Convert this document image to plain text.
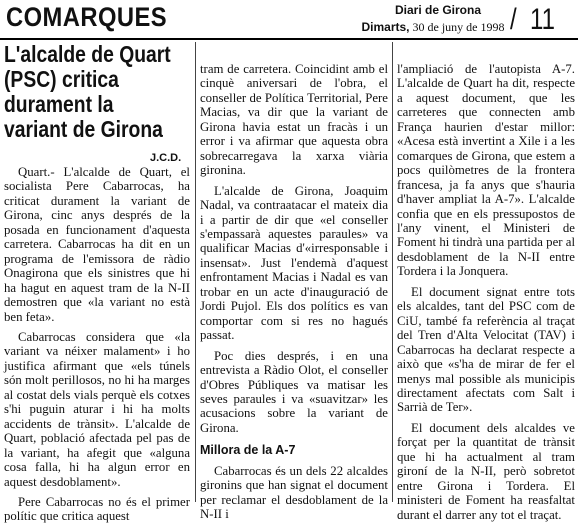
COMARQUES	Diari de Girona
Dimarts, 30 de juny de 1998 / 11
L'alcalde de Quart
(PSC) critica
durament la
variant de Girona
J.C.D.

Quart.- L'alcalde de Quart, el socialista Pere Cabarrocas, ha criticat durament la variant de Girona, cinc anys després de la posada en funcionament d'aquesta carretera. Cabarrocas ha dit en un programa de l'emissora de ràdio Onagirona que els sinistres que hi ha hagut en aquest tram de la N-II demostren que «la variant no està ben feta».

Cabarrocas considera que «la variant va néixer malament» i ho justifica afirmant que «els túnels són molt perillosos, no hi ha marges al costat dels vials perquè els cotxes s'hi puguin aturar i hi ha molts accidents de trànsit». L'alcalde de Quart, població afectada pel pas de la variant, ha afegit que «alguna cosa falla, hi ha algun error en aquest desdoblament».

Pere Cabarrocas no és el primer polític que critica aquest

tram de carretera. Coincidint amb el cinquè aniversari de l'obra, el conseller de Política Territorial, Pere Macias, va dir que la variant de Girona havia estat un fracàs i un error i va afirmar que aquesta obra sobrecarregava la xarxa viària gironina.

L'alcalde de Girona, Joaquim Nadal, va contraatacar el mateix dia i a partir de dir que «el conseller s'empassarà aquestes paraules» va qualificar Macias d'«irresponsable i insensat». Just l'endemà d'aquest enfrontament Macias i Nadal es van trobar en un acte d'inauguració de Jordi Pujol. Els dos polítics es van comportar com si res no hagués passat.

Poc dies després, i en una entrevista a Ràdio Olot, el conseller d'Obres Públiques va matisar les seves paraules i va «suavitzar» les acusacions sobre la variant de Girona.

Millora de la A-7

Cabarrocas és un dels 22 alcaldes gironins que han signat el document per reclamar el desdoblament de la N-II i

l'ampliació de l'autopista A-7. L'alcalde de Quart ha dit, respecte a aquest document, que les carreteres que connecten amb França haurien d'estar millor: «Acesa està invertint a Xile i a les comarques de Girona, que estem a pocs quilòmetres de la frontera francesa, ja fa anys que s'hauria d'haver ampliat la A-7». L'alcalde confia que en els pressupostos de l'any vinent, el Ministeri de Foment hi tindrà una partida per al desdoblament de la N-II entre Tordera i la Jonquera.

El document signat entre tots els alcaldes, tant del PSC com de CiU, també fa referència al traçat del Tren d'Alta Velocitat (TAV) i Cabarrocas ha declarat respecte a això que «s'ha de mirar de fer el menys mal possible als municipis directament afectats com Salt i Sarrià de Ter».

El document dels alcaldes ve forçat per la quantitat de trànsit que hi ha actualment al tram gironí de la N-II, però sobretot entre Girona i Tordera. El ministeri de Foment ha reasfaltat durant el darrer any tot el traçat.
